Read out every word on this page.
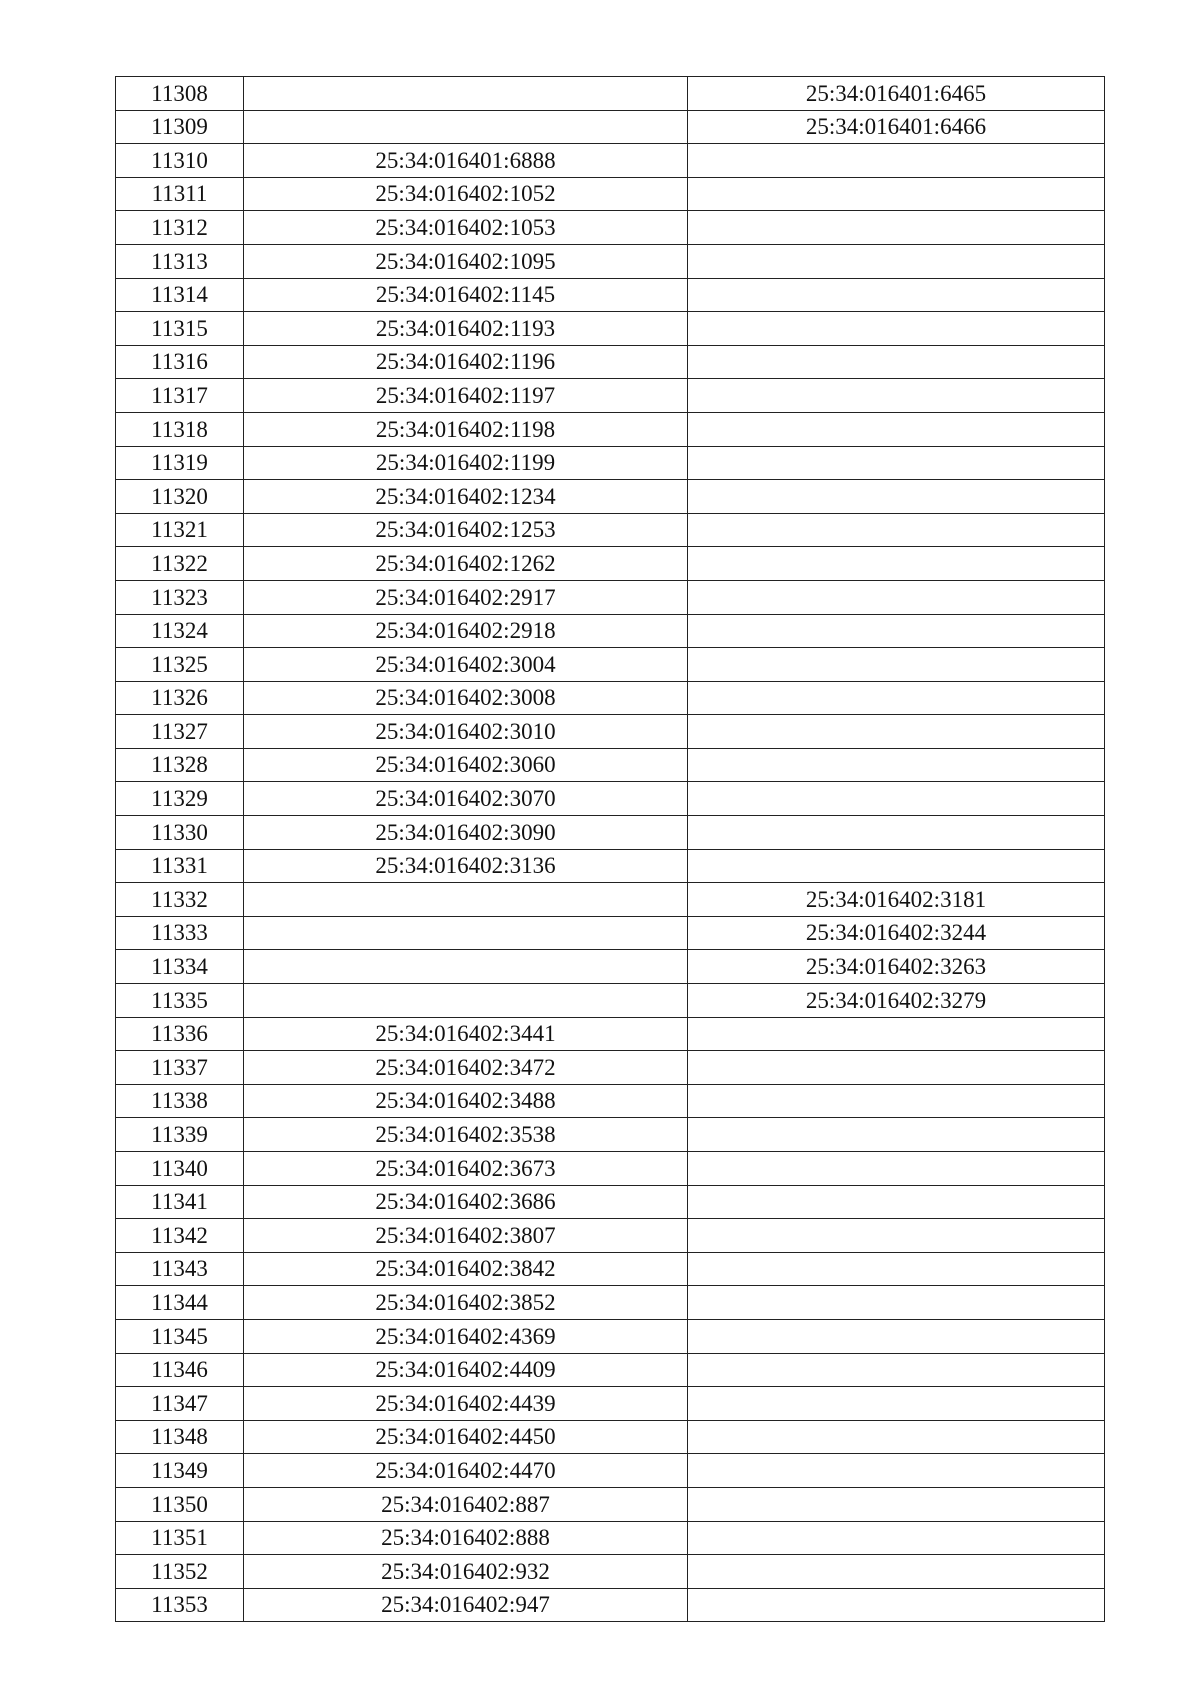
11308		25:34:016401:6465
11309		25:34:016401:6466
11310	25:34:016401:6888	
11311	25:34:016402:1052	
11312	25:34:016402:1053	
11313	25:34:016402:1095	
11314	25:34:016402:1145	
11315	25:34:016402:1193	
11316	25:34:016402:1196	
11317	25:34:016402:1197	
11318	25:34:016402:1198	
11319	25:34:016402:1199	
11320	25:34:016402:1234	
11321	25:34:016402:1253	
11322	25:34:016402:1262	
11323	25:34:016402:2917	
11324	25:34:016402:2918	
11325	25:34:016402:3004	
11326	25:34:016402:3008	
11327	25:34:016402:3010	
11328	25:34:016402:3060	
11329	25:34:016402:3070	
11330	25:34:016402:3090	
11331	25:34:016402:3136	
11332		25:34:016402:3181
11333		25:34:016402:3244
11334		25:34:016402:3263
11335		25:34:016402:3279
11336	25:34:016402:3441	
11337	25:34:016402:3472	
11338	25:34:016402:3488	
11339	25:34:016402:3538	
11340	25:34:016402:3673	
11341	25:34:016402:3686	
11342	25:34:016402:3807	
11343	25:34:016402:3842	
11344	25:34:016402:3852	
11345	25:34:016402:4369	
11346	25:34:016402:4409	
11347	25:34:016402:4439	
11348	25:34:016402:4450	
11349	25:34:016402:4470	
11350	25:34:016402:887	
11351	25:34:016402:888	
11352	25:34:016402:932	
11353	25:34:016402:947	
